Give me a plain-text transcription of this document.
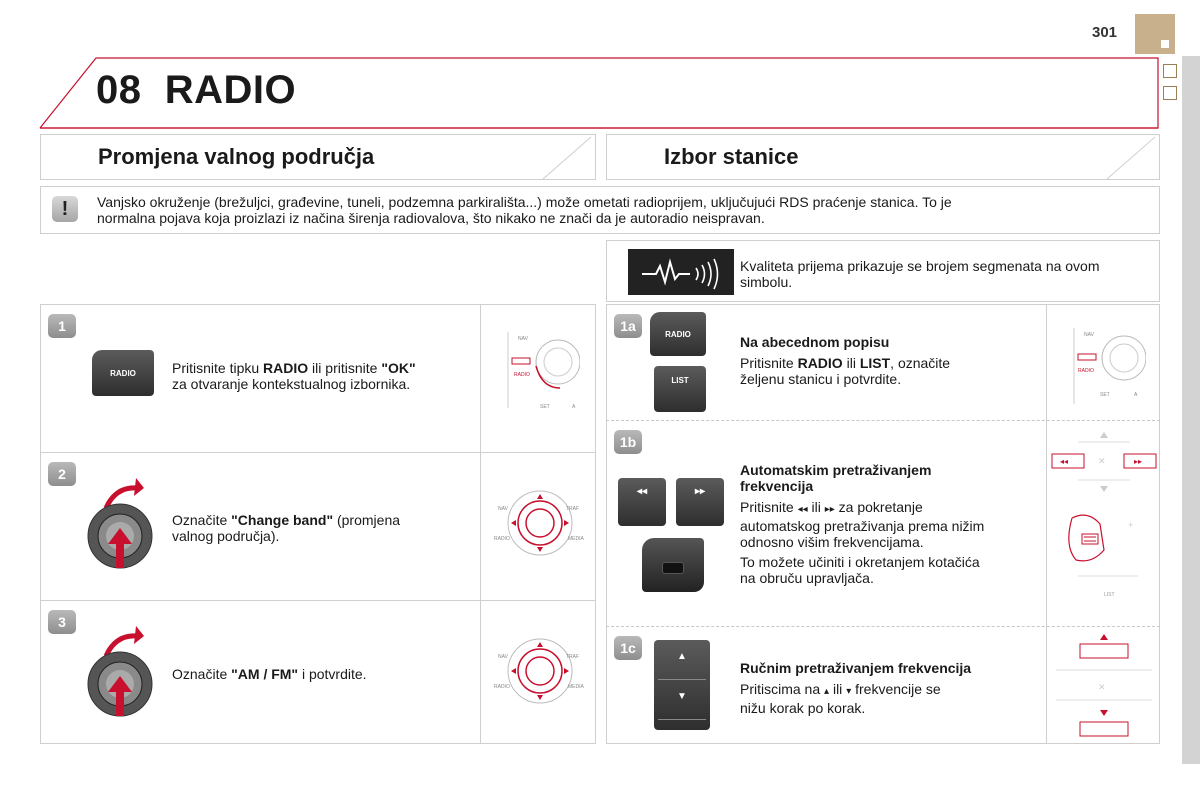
301
08 RADIO
Promjena valnog područja	Izbor stanice
!	Vanjsko okruženje (brežuljci, građevine, tuneli, podzemna parkirališta...) može ometati radioprijem, uključujući RDS praćenje stanica. To je
normalna pojava koja proizlazi iz načina širenja radiovalova, što nikako ne znači da je autoradio neispravan.
Kvaliteta prijema prikazuje se brojem segmenata na ovom
simbolu.
1
RADIO	Pritisnite tipku RADIO ili pritisnite "OK"
za otvaranje kontekstualnog izbornika.
RADIO
NAV
SET	A
2
Označite "Change band" (promjena
valnog područja).
NAV	TRAF
RADIO	MEDIA
3
Označite "AM / FM" i potvrdite.
NAV	TRAF
RADIO	MEDIA
1a	RADIO
LIST
Na abecednom popisu
Pritisnite RADIO ili LIST, označite
željenu stanicu i potvrdite.	RADIO
NAV
SET	A
1b
◂◂	▸▸
Automatskim pretraživanjem
frekvencija
Pritisnite ◂◂ ili ▸▸ za pokretanje
automatskog pretraživanja prema nižim
odnosno višim frekvencijama.
To možete učiniti i okretanjem kotačića
na obruču upravljača.
◂◂	▸▸
✕
+
LIST
1c
▲
▼
Ručnim pretraživanjem frekvencija
Pritiscima na ▴ ili ▾ frekvencije se
nižu korak po korak.
✕
